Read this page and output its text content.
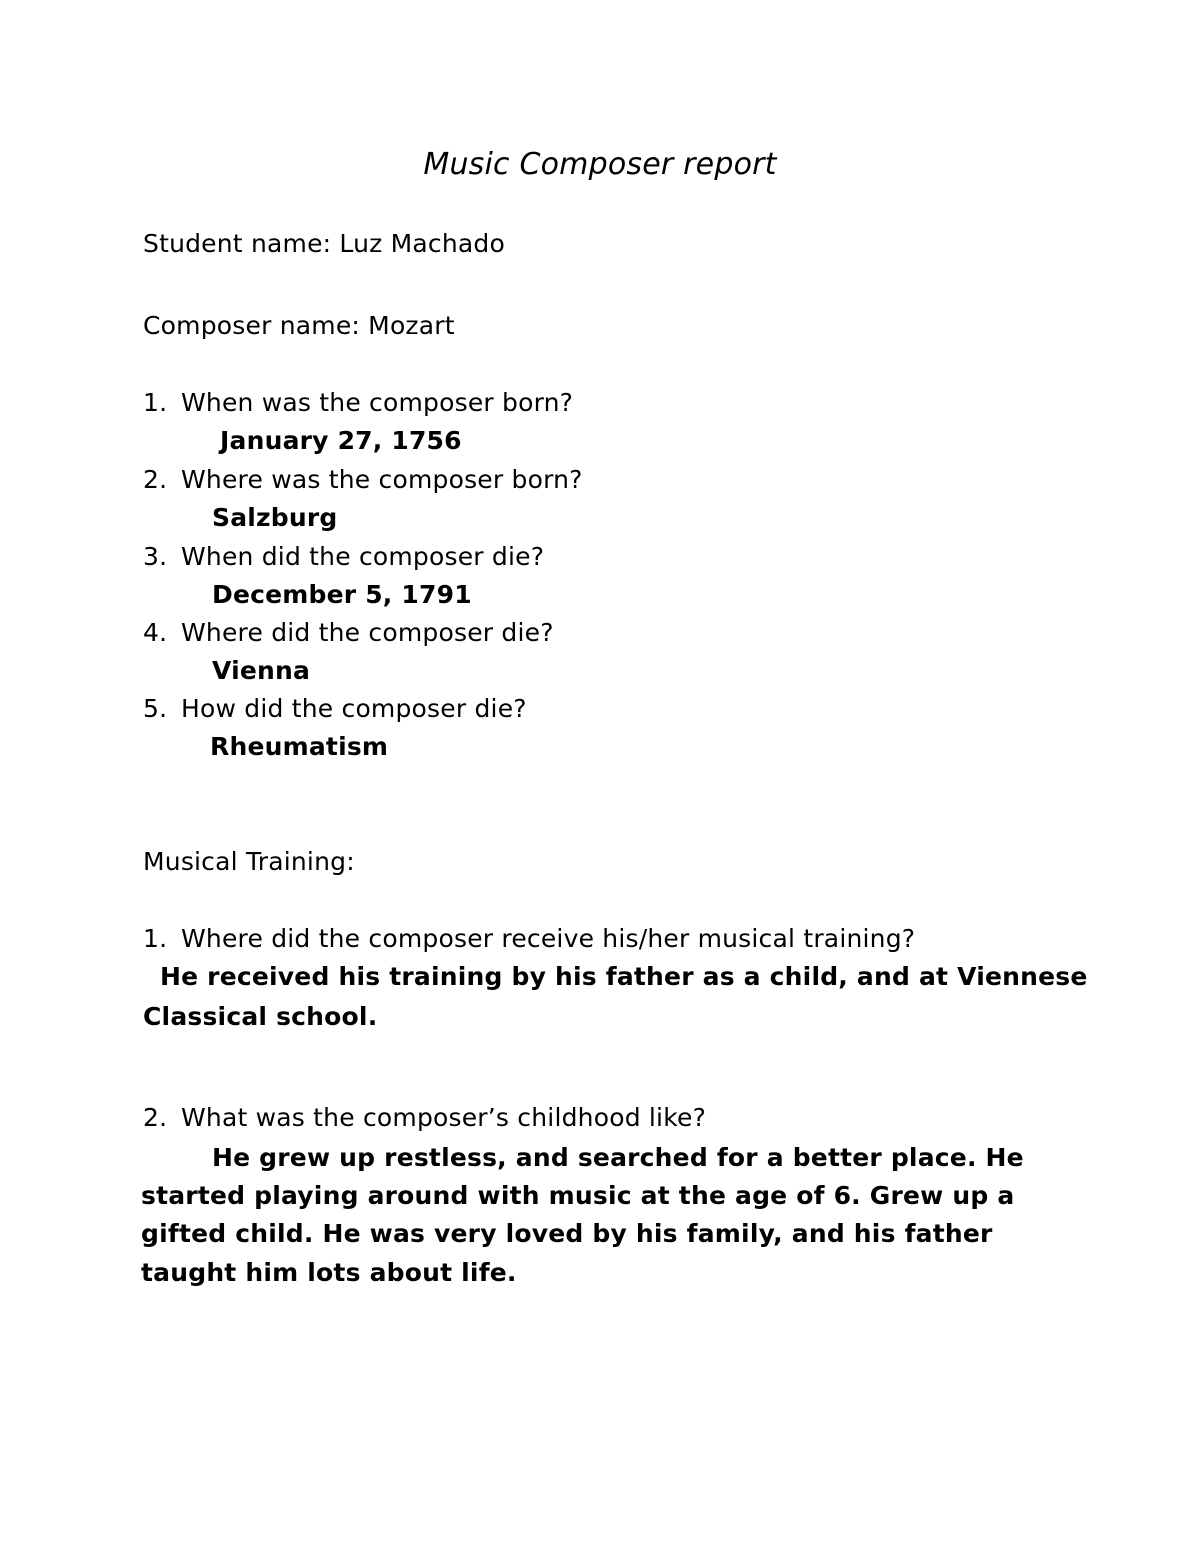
Music Composer report
Student name: Luz Machado
Composer name: Mozart
1. When was the composer born?
January 27, 1756
2. Where was the composer born?
Salzburg
3. When did the composer die?
December 5, 1791
4. Where did the composer die?
Vienna
5. How did the composer die?
Rheumatism
Musical Training:
1. Where did the composer receive his/her musical training?
He received his training by his father as a child, and at Viennese
Classical school.
2. What was the composer’s childhood like?
He grew up restless, and searched for a better place. He
started playing around with music at the age of 6. Grew up a
gifted child. He was very loved by his family, and his father
taught him lots about life.
